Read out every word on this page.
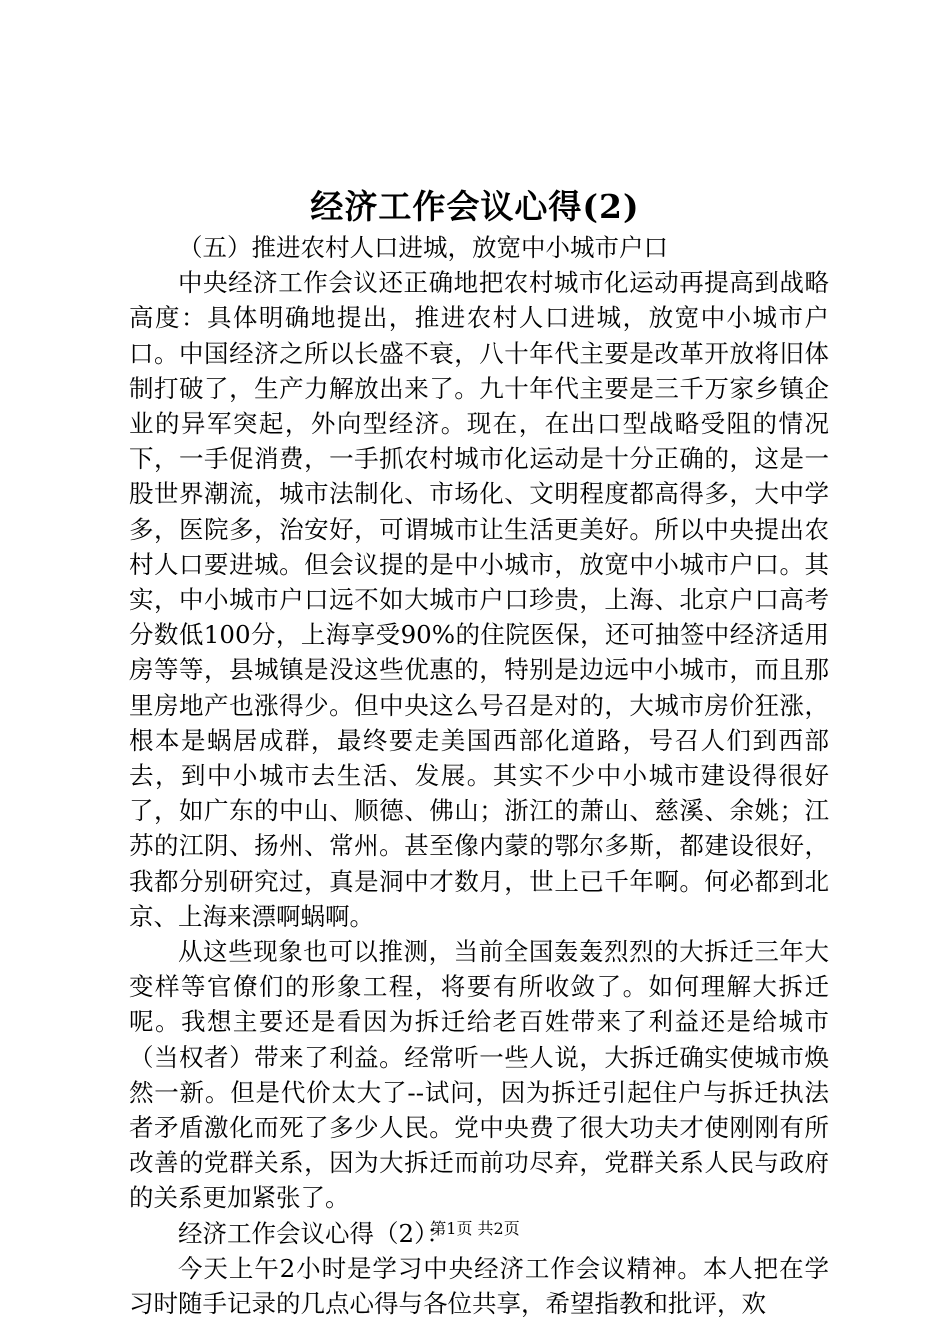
经济工作会议心得(2)

（五）推进农村人口进城，放宽中小城市户口

中央经济工作会议还正确地把农村城市化运动再提高到战略高度：具体明确地提出，推进农村人口进城，放宽中小城市户口。中国经济之所以长盛不衰，八十年代主要是改革开放将旧体制打破了，生产力解放出来了。九十年代主要是三千万家乡镇企业的异军突起，外向型经济。现在，在出口型战略受阻的情况下，一手促消费，一手抓农村城市化运动是十分正确的，这是一股世界潮流，城市法制化、市场化、文明程度都高得多，大中学多，医院多，治安好，可谓城市让生活更美好。所以中央提出农村人口要进城。但会议提的是中小城市，放宽中小城市户口。其实，中小城市户口远不如大城市户口珍贵，上海、北京户口高考分数低100分，上海享受90%的住院医保，还可抽签中经济适用房等等，县城镇是没这些优惠的，特别是边远中小城市，而且那里房地产也涨得少。但中央这么号召是对的，大城市房价狂涨，根本是蜗居成群，最终要走美国西部化道路，号召人们到西部去，到中小城市去生活、发展。其实不少中小城市建设得很好了，如广东的中山、顺德、佛山；浙江的萧山、慈溪、余姚；江苏的江阴、扬州、常州。甚至像内蒙的鄂尔多斯，都建设很好，我都分别研究过，真是洞中才数月，世上已千年啊。何必都到北京、上海来漂啊蜗啊。

从这些现象也可以推测，当前全国轰轰烈烈的大拆迁三年大变样等官僚们的形象工程，将要有所收敛了。如何理解大拆迁呢。我想主要还是看因为拆迁给老百姓带来了利益还是给城市（当权者）带来了利益。经常听一些人说，大拆迁确实使城市焕然一新。但是代价太大了--试问，因为拆迁引起住户与拆迁执法者矛盾激化而死了多少人民。党中央费了很大功夫才使刚刚有所改善的党群关系，因为大拆迁而前功尽弃，党群关系人民与政府的关系更加紧张了。

经济工作会议心得（2）：

今天上午2小时是学习中央经济工作会议精神。本人把在学习时随手记录的几点心得与各位共享，希望指教和批评，欢

第1页 共2页
